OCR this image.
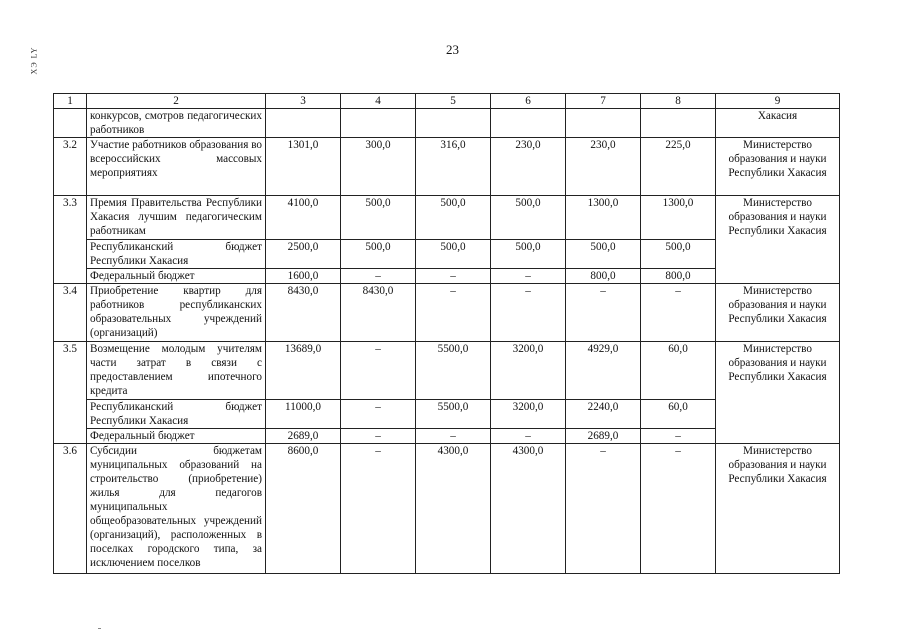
23
XЭ LY
1	2	3	4	5	6	7	8	9
	конкурсов, смотров педагогических работников							Хакасия
3.2	Участие работников образования во всероссийских массовых мероприятиях	1301,0	300,0	316,0	230,0	230,0	225,0	Министерство образования и науки Республики Хакасия
3.3	Премия Правительства Республики Хакасия лучшим педагогическим работникам	4100,0	500,0	500,0	500,0	1300,0	1300,0	Министерство образования и науки Республики Хакасия
	Республиканский бюджет Республики Хакасия	2500,0	500,0	500,0	500,0	500,0	500,0	
	Федеральный бюджет	1600,0	–	–	–	800,0	800,0	
3.4	Приобретение квартир для работников республиканских образовательных учреждений (организаций)	8430,0	8430,0	–	–	–	–	Министерство образования и науки Республики Хакасия
3.5	Возмещение молодым учителям части затрат в связи с предоставлением ипотечного кредита	13689,0	–	5500,0	3200,0	4929,0	60,0	Министерство образования и науки Республики Хакасия
	Республиканский бюджет Республики Хакасия	11000,0	–	5500,0	3200,0	2240,0	60,0	
	Федеральный бюджет	2689,0	–	–	–	2689,0	–	
3.6	Субсидии бюджетам муниципальных образований на строительство (приобретение) жилья для педагогов муниципальных общеобразовательных учреждений (организаций), расположенных в поселках городского типа, за исключением поселков	8600,0	–	4300,0	4300,0	–	–	Министерство образования и науки Республики Хакасия
